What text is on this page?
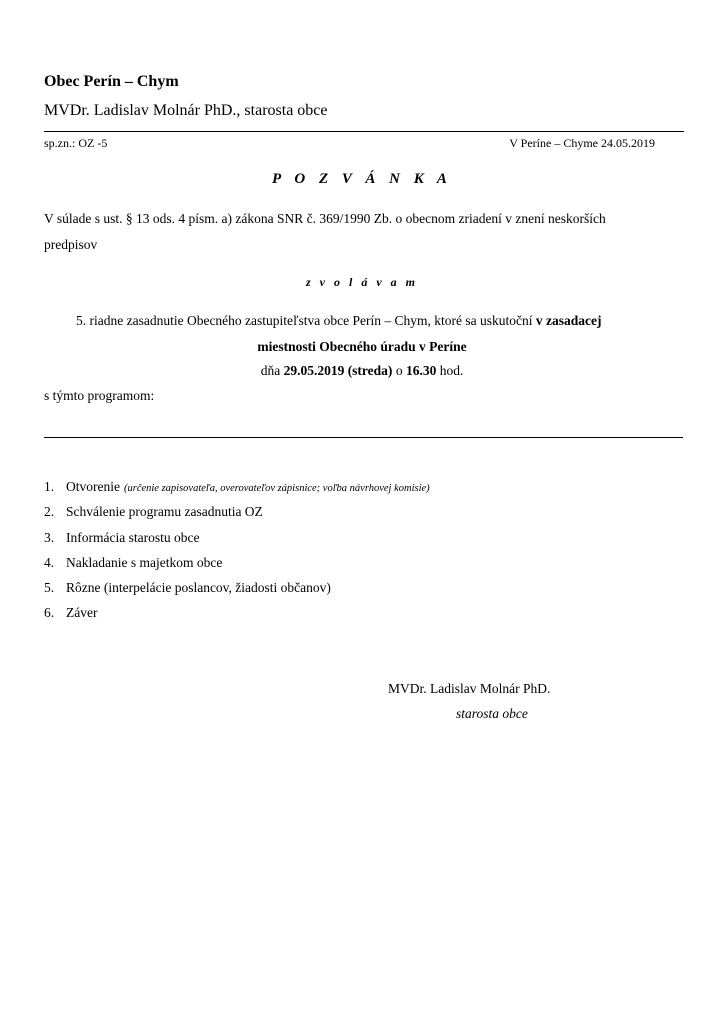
Obec Perín – Chym
MVDr. Ladislav Molnár PhD., starosta obce
sp.zn.: OZ -5	V Períne – Chyme 24.05.2019
P O Z V Á N K A
V súlade s ust. § 13 ods. 4 písm. a) zákona SNR č. 369/1990 Zb. o obecnom zriadení v znení neskorších
predpisov
z v o l á v a m
5. riadne zasadnutie Obecného zastupiteľstva obce Perín – Chym, ktoré sa uskutoční v zasadacej
miestnosti Obecného úradu v Períne
dňa 29.05.2019 (streda) o 16.30 hod.
s týmto programom:
1. Otvorenie (určenie zapisovateľa, overovateľov zápisnice; voľba návrhovej komisie)
2. Schválenie programu zasadnutia OZ
3. Informácia starostu obce
4. Nakladanie s majetkom obce
5. Rôzne (interpelácie poslancov, žiadosti občanov)
6. Záver
MVDr. Ladislav Molnár PhD.
starosta obce
